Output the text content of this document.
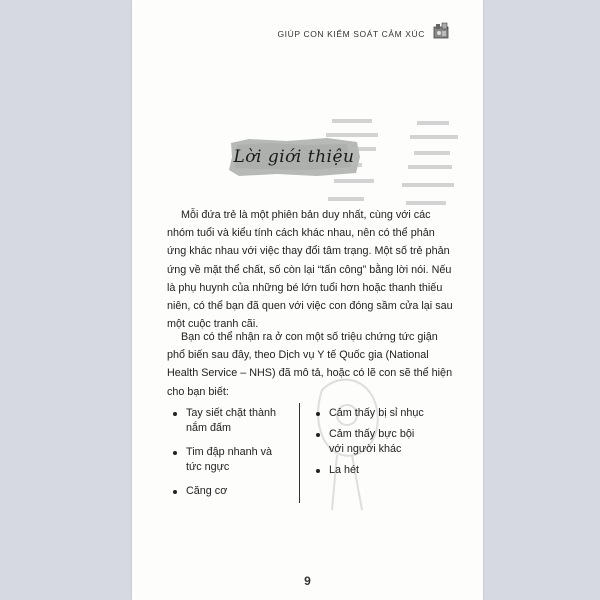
GIÚP CON KIỂM SOÁT CẢM XÚC
Lời giới thiệu

Mỗi đứa trẻ là một phiên bản duy nhất, cùng với các nhóm tuổi và kiểu tính cách khác nhau, nên có thể phản ứng khác nhau với việc thay đổi tâm trạng. Một số trẻ phản ứng về mặt thể chất, số còn lại “tấn công” bằng lời nói. Nếu là phụ huynh của những bé lớn tuổi hơn hoặc thanh thiếu niên, có thể bạn đã quen với việc con đóng sầm cửa lại sau một cuộc tranh cãi.

Bạn có thể nhận ra ở con một số triệu chứng tức giận phổ biến sau đây, theo Dịch vụ Y tế Quốc gia (National Health Service – NHS) đã mô tả, hoặc có lẽ con sẽ thể hiện cho bạn biết:

Tay siết chặt thành nắm đấm
Tim đập nhanh và tức ngực
Căng cơ
Cảm thấy bị sỉ nhục
Cảm thấy bực bội với người khác
La hét
9
